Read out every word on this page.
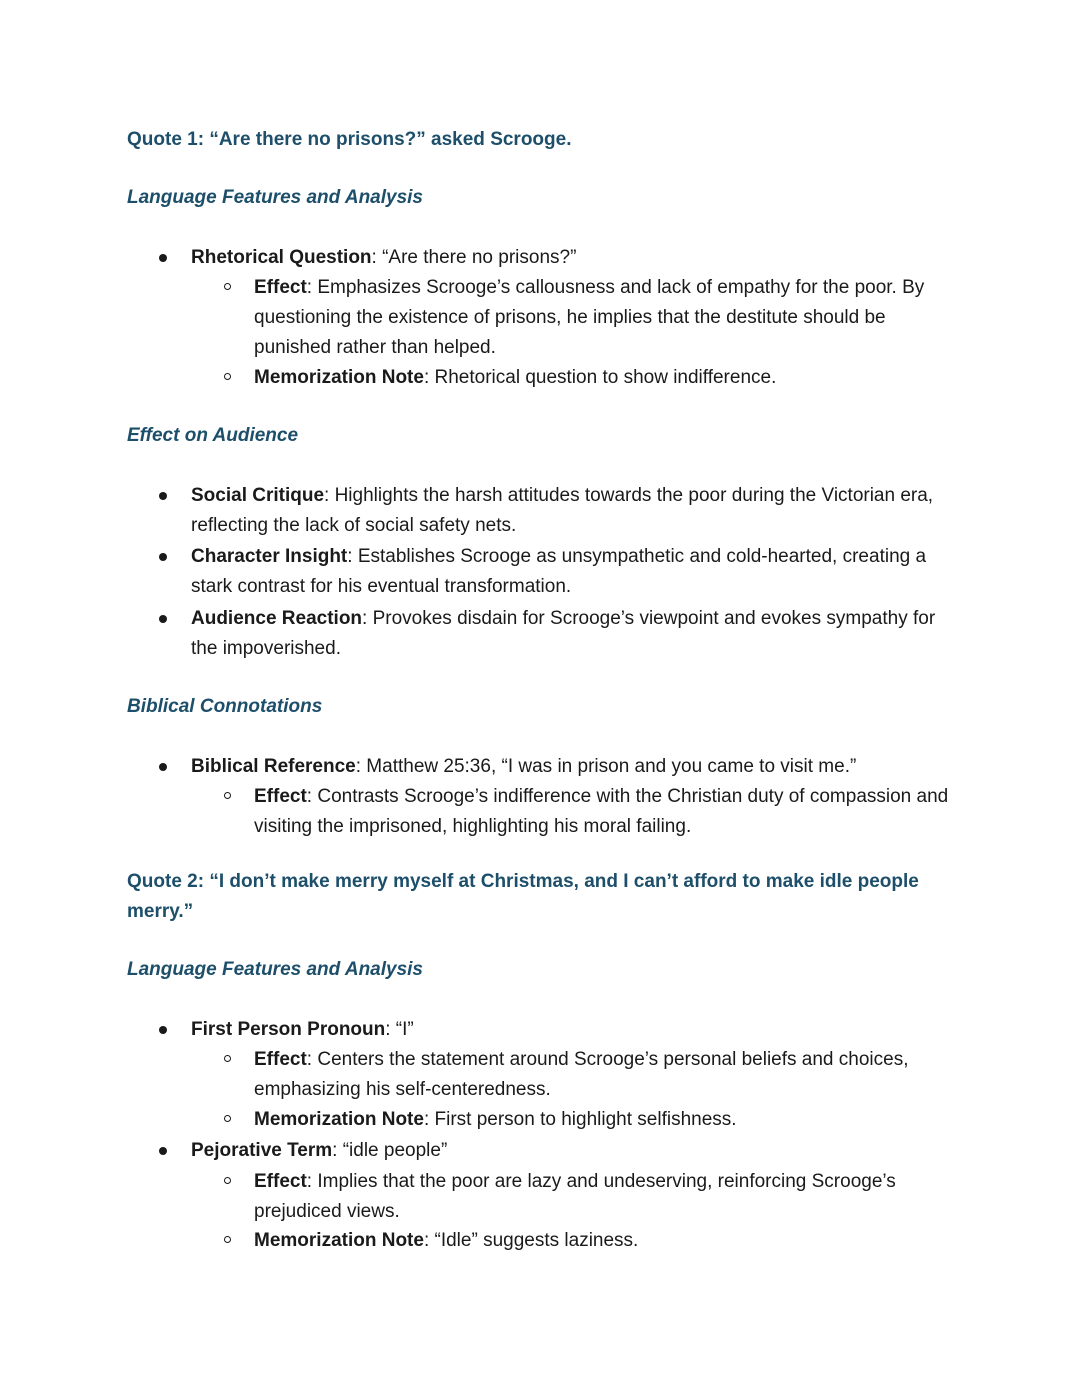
Quote 1: “Are there no prisons?” asked Scrooge.
Language Features and Analysis
Rhetorical Question: “Are there no prisons?”
Effect: Emphasizes Scrooge’s callousness and lack of empathy for the poor. By questioning the existence of prisons, he implies that the destitute should be punished rather than helped.
Memorization Note: Rhetorical question to show indifference.
Effect on Audience
Social Critique: Highlights the harsh attitudes towards the poor during the Victorian era, reflecting the lack of social safety nets.
Character Insight: Establishes Scrooge as unsympathetic and cold-hearted, creating a stark contrast for his eventual transformation.
Audience Reaction: Provokes disdain for Scrooge’s viewpoint and evokes sympathy for the impoverished.
Biblical Connotations
Biblical Reference: Matthew 25:36, “I was in prison and you came to visit me.”
Effect: Contrasts Scrooge’s indifference with the Christian duty of compassion and visiting the imprisoned, highlighting his moral failing.
Quote 2: “I don’t make merry myself at Christmas, and I can’t afford to make idle people merry.”
Language Features and Analysis
First Person Pronoun: “I”
Effect: Centers the statement around Scrooge’s personal beliefs and choices, emphasizing his self-centeredness.
Memorization Note: First person to highlight selfishness.
Pejorative Term: “idle people”
Effect: Implies that the poor are lazy and undeserving, reinforcing Scrooge’s prejudiced views.
Memorization Note: “Idle” suggests laziness.
